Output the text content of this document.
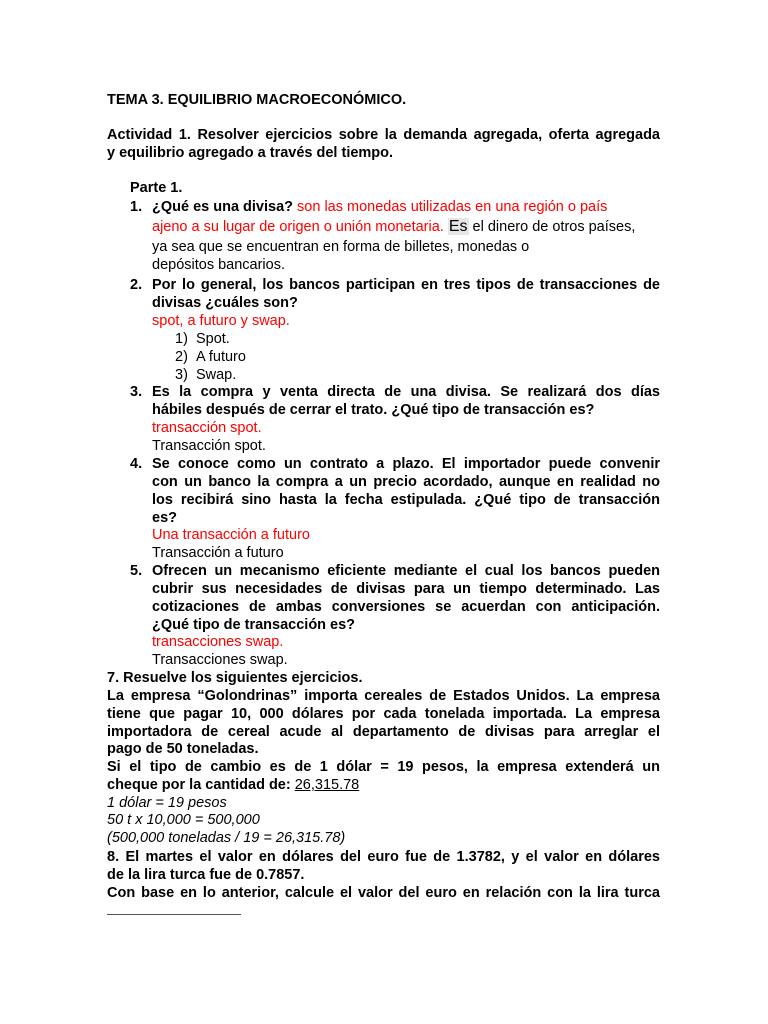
TEMA 3. EQUILIBRIO MACROECONÓMICO.
Actividad 1. Resolver ejercicios sobre la demanda agregada, oferta agregada
y equilibrio agregado a través del tiempo.
Parte 1.
1. ¿Qué es una divisa? son las monedas utilizadas en una región o país
ajeno a su lugar de origen o unión monetaria. Es el dinero de otros países,
ya sea que se encuentran en forma de billetes, monedas o
depósitos bancarios.
2. Por lo general, los bancos participan en tres tipos de transacciones de
divisas ¿cuáles son?
spot, a futuro y swap.
1) Spot.
2) A futuro
3) Swap.
3. Es la compra y venta directa de una divisa. Se realizará dos días
hábiles después de cerrar el trato. ¿Qué tipo de transacción es?
transacción spot.
Transacción spot.
4. Se conoce como un contrato a plazo. El importador puede convenir
con un banco la compra a un precio acordado, aunque en realidad no
los recibirá sino hasta la fecha estipulada. ¿Qué tipo de transacción
es?
Una transacción a futuro
Transacción a futuro
5. Ofrecen un mecanismo eficiente mediante el cual los bancos pueden
cubrir sus necesidades de divisas para un tiempo determinado. Las
cotizaciones de ambas conversiones se acuerdan con anticipación.
¿Qué tipo de transacción es?
transacciones swap.
Transacciones swap.
7. Resuelve los siguientes ejercicios.
La empresa “Golondrinas” importa cereales de Estados Unidos. La empresa
tiene que pagar 10, 000 dólares por cada tonelada importada. La empresa
importadora de cereal acude al departamento de divisas para arreglar el
pago de 50 toneladas.
Si el tipo de cambio es de 1 dólar = 19 pesos, la empresa extenderá un
cheque por la cantidad de: 26,315.78
1 dólar = 19 pesos
50 t x 10,000 = 500,000
(500,000 toneladas / 19 = 26,315.78)
8. El martes el valor en dólares del euro fue de 1.3782, y el valor en dólares
de la lira turca fue de 0.7857.
Con base en lo anterior, calcule el valor del euro en relación con la lira turca
